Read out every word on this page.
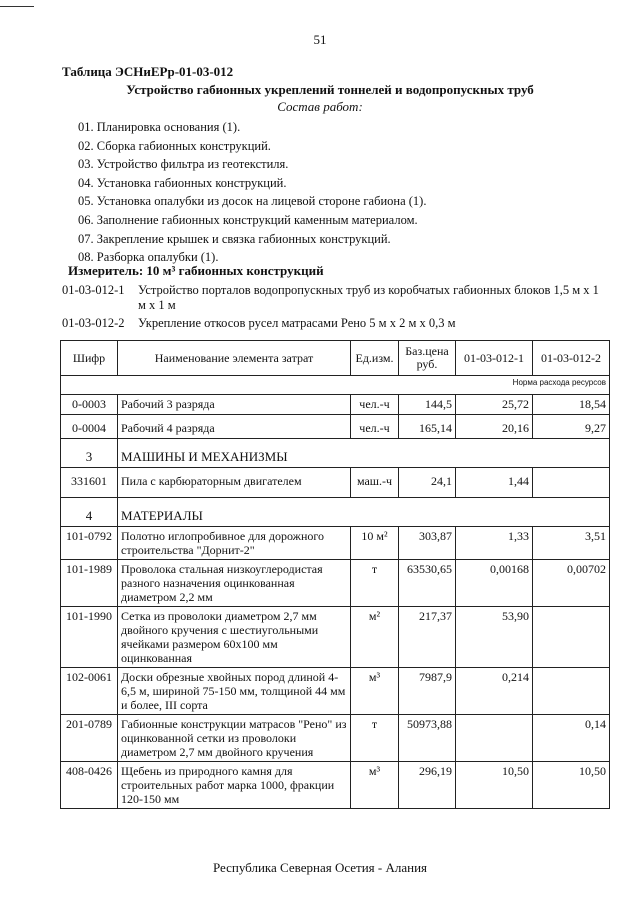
51
Таблица ЭСНиЕРр-01-03-012
Устройство габионных укреплений тоннелей и водопропускных труб
Состав работ:
01. Планировка основания (1).
02. Сборка габионных конструкций.
03. Устройство фильтра из геотекстиля.
04. Установка габионных конструкций.
05. Установка опалубки из досок на лицевой стороне габиона (1).
06. Заполнение габионных конструкций каменным материалом.
07. Закрепление крышек и связка габионных конструкций.
08. Разборка опалубки (1).
Измеритель: 10 м³ габионных конструкций
01-03-012-1 Устройство порталов водопропускных труб из коробчатых габионных блоков 1,5 м х 1 м х 1 м
01-03-012-2 Укрепление откосов русел матрасами Рено 5 м х 2 м х 0,3 м
Шифр	Наименование элемента затрат	Ед.изм.	Баз.цена руб.	01-03-012-1	01-03-012-2
Норма расхода ресурсов					
0-0003	Рабочий 3 разряда	чел.-ч	144,5	25,72	18,54
0-0004	Рабочий 4 разряда	чел.-ч	165,14	20,16	9,27
3	МАШИНЫ И МЕХАНИЗМЫ				
331601	Пила с карбюраторным двигателем	маш.-ч	24,1	1,44	
4	МАТЕРИАЛЫ				
101-0792	Полотно иглопробивное для дорожного строительства "Дорнит-2"	10 м²	303,87	1,33	3,51
101-1989	Проволока стальная низкоуглеродистая разного назначения оцинкованная диаметром 2,2 мм	т	63530,65	0,00168	0,00702
101-1990	Сетка из проволоки диаметром 2,7 мм двойного кручения с шестиугольными ячейками размером 60х100 мм оцинкованная	м²	217,37	53,90	
102-0061	Доски обрезные хвойных пород длиной 4-6,5 м, шириной 75-150 мм, толщиной 44 мм и более, III сорта	м³	7987,9	0,214	
201-0789	Габионные конструкции матрасов "Рено" из оцинкованной сетки из проволоки диаметром 2,7 мм двойного кручения	т	50973,88		0,14
408-0426	Щебень из природного камня для строительных работ марка 1000, фракции 120-150 мм	м³	296,19	10,50	10,50
Республика Северная Осетия - Алания
